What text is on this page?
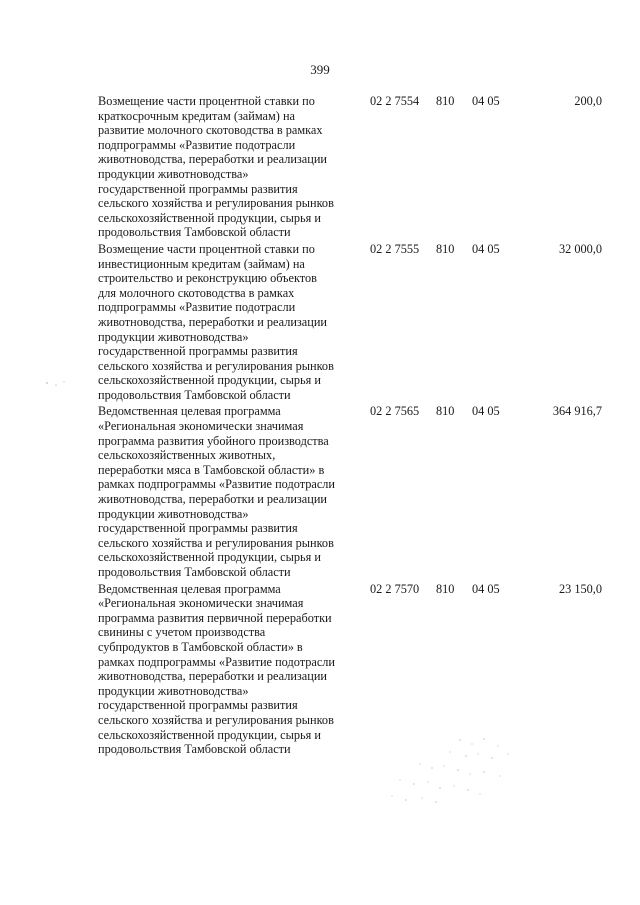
399
Возмещение части процентной ставки по
краткосрочным кредитам (займам) на
развитие молочного скотоводства в рамках
подпрограммы «Развитие подотрасли
животноводства, переработки и реализации
продукции животноводства»
государственной программы развития
сельского хозяйства и регулирования рынков
сельскохозяйственной продукции, сырья и
продовольствия Тамбовской области
02 2 7554 810 04 05	200,0
Возмещение части процентной ставки по
инвестиционным кредитам (займам) на
строительство и реконструкцию объектов
для молочного скотоводства в рамках
подпрограммы «Развитие подотрасли
животноводства, переработки и реализации
продукции животноводства»
государственной программы развития
сельского хозяйства и регулирования рынков
сельскохозяйственной продукции, сырья и
продовольствия Тамбовской области
02 2 7555 810 04 05	32 000,0
Ведомственная целевая программа
«Региональная экономически значимая
программа развития убойного производства
сельскохозяйственных животных,
переработки мяса в Тамбовской области» в
рамках подпрограммы «Развитие подотрасли
животноводства, переработки и реализации
продукции животноводства»
государственной программы развития
сельского хозяйства и регулирования рынков
сельскохозяйственной продукции, сырья и
продовольствия Тамбовской области
02 2 7565 810 04 05	364 916,7
Ведомственная целевая программа
«Региональная экономически значимая
программа развития первичной переработки
свинины с учетом производства
субпродуктов в Тамбовской области» в
рамках подпрограммы «Развитие подотрасли
животноводства, переработки и реализации
продукции животноводства»
государственной программы развития
сельского хозяйства и регулирования рынков
сельскохозяйственной продукции, сырья и
продовольствия Тамбовской области
02 2 7570 810 04 05	23 150,0
